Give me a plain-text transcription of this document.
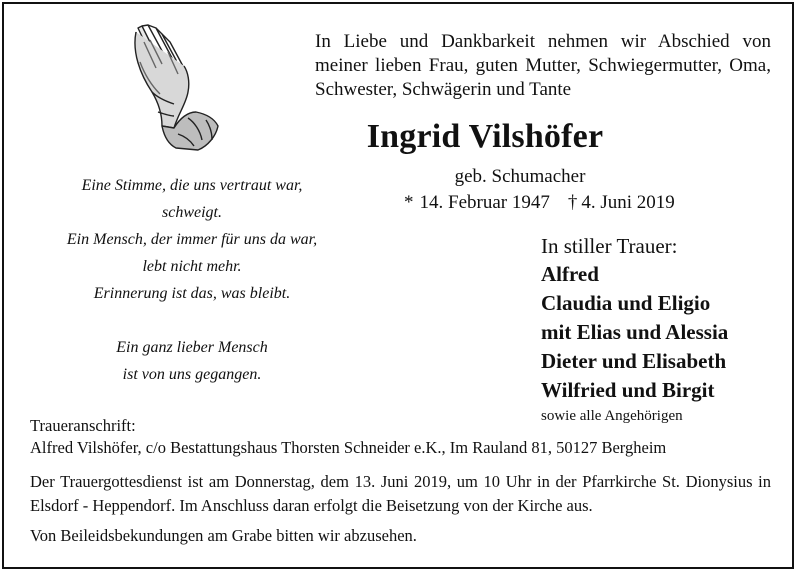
In Liebe und Dankbarkeit nehmen wir Abschied von meiner lieben Frau, guten Mutter, Schwiegermutter, Oma, Schwester, Schwägerin und Tante
Ingrid Vilshöfer
geb. Schumacher
* 14. Februar 1947 † 4. Juni 2019
Eine Stimme, die uns vertraut war,
schweigt.
Ein Mensch, der immer für uns da war,
lebt nicht mehr.
Erinnerung ist das, was bleibt.
Ein ganz lieber Mensch
ist von uns gegangen.
In stiller Trauer:
Alfred
Claudia und Eligio
mit Elias und Alessia
Dieter und Elisabeth
Wilfried und Birgit
sowie alle Angehörigen
Traueranschrift:
Alfred Vilshöfer, c/o Bestattungshaus Thorsten Schneider e.K., Im Rauland 81, 50127 Bergheim
Der Trauergottesdienst ist am Donnerstag, dem 13. Juni 2019, um 10 Uhr in der Pfarrkirche St. Dionysius in Elsdorf - Heppendorf. Im Anschluss daran erfolgt die Beisetzung von der Kirche aus.
Von Beileidsbekundungen am Grabe bitten wir abzusehen.
